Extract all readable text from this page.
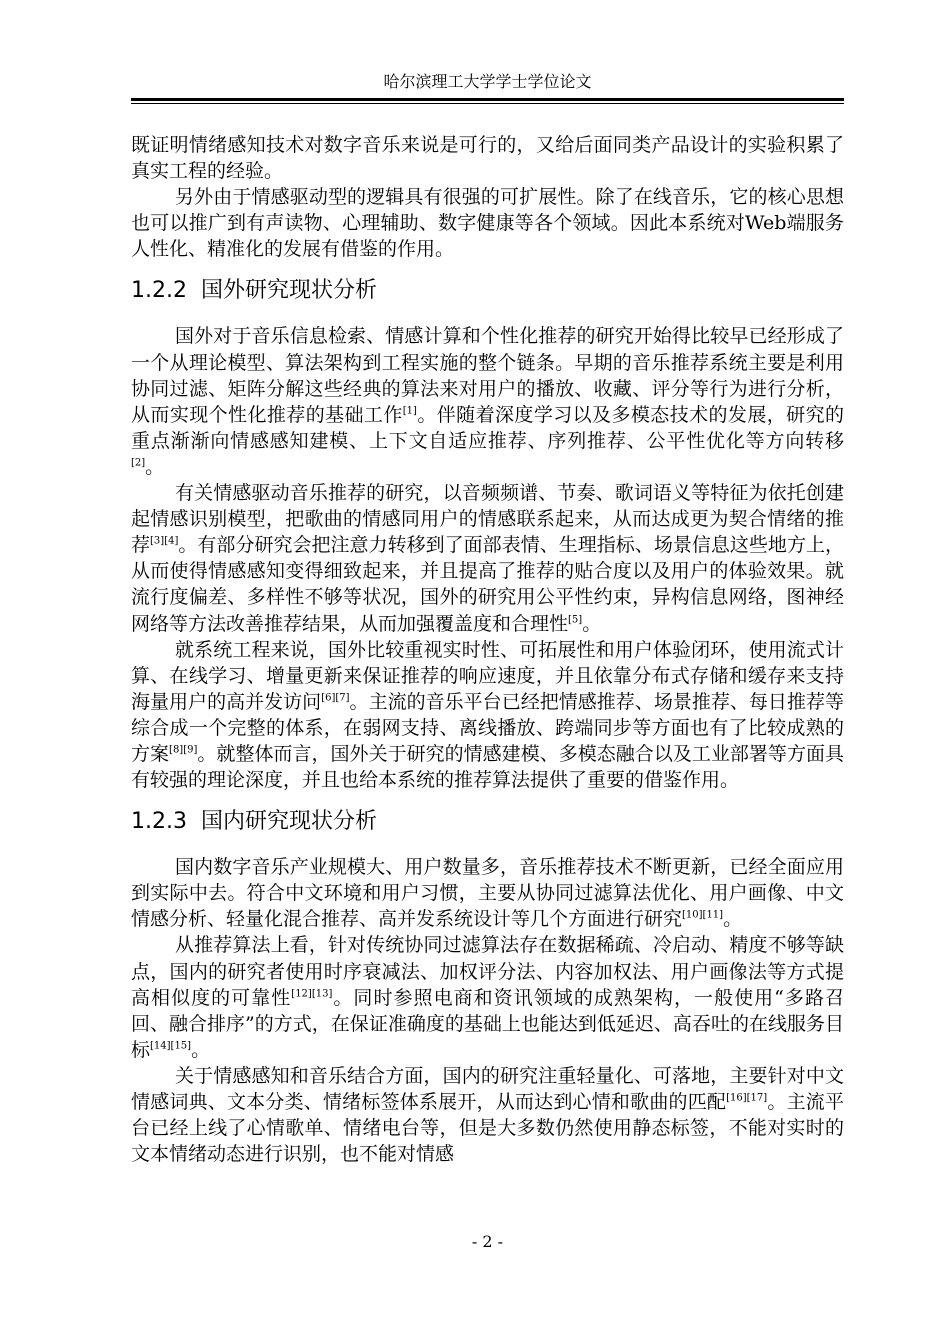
哈尔滨理工大学学士学位论文

既证明情绪感知技术对数字音乐来说是可行的，又给后面同类产品设计的实验积累了真实工程的经验。

另外由于情感驱动型的逻辑具有很强的可扩展性。除了在线音乐，它的核心思想也可以推广到有声读物、心理辅助、数字健康等各个领域。因此本系统对Web端服务人性化、精准化的发展有借鉴的作用。

1.2.2 国外研究现状分析

国外对于音乐信息检索、情感计算和个性化推荐的研究开始得比较早已经形成了一个从理论模型、算法架构到工程实施的整个链条。早期的音乐推荐系统主要是利用协同过滤、矩阵分解这些经典的算法来对用户的播放、收藏、评分等行为进行分析，从而实现个性化推荐的基础工作[1]。伴随着深度学习以及多模态技术的发展，研究的重点渐渐向情感感知建模、上下文自适应推荐、序列推荐、公平性优化等方向转移[2]。

有关情感驱动音乐推荐的研究，以音频频谱、节奏、歌词语义等特征为依托创建起情感识别模型，把歌曲的情感同用户的情感联系起来，从而达成更为契合情绪的推荐[3][4]。有部分研究会把注意力转移到了面部表情、生理指标、场景信息这些地方上，从而使得情感感知变得细致起来，并且提高了推荐的贴合度以及用户的体验效果。就流行度偏差、多样性不够等状况，国外的研究用公平性约束，异构信息网络，图神经网络等方法改善推荐结果，从而加强覆盖度和合理性[5]。

就系统工程来说，国外比较重视实时性、可拓展性和用户体验闭环，使用流式计算、在线学习、增量更新来保证推荐的响应速度，并且依靠分布式存储和缓存来支持海量用户的高并发访问[6][7]。主流的音乐平台已经把情感推荐、场景推荐、每日推荐等综合成一个完整的体系，在弱网支持、离线播放、跨端同步等方面也有了比较成熟的方案[8][9]。就整体而言，国外关于研究的情感建模、多模态融合以及工业部署等方面具有较强的理论深度，并且也给本系统的推荐算法提供了重要的借鉴作用。

1.2.3 国内研究现状分析

国内数字音乐产业规模大、用户数量多，音乐推荐技术不断更新，已经全面应用到实际中去。符合中文环境和用户习惯，主要从协同过滤算法优化、用户画像、中文情感分析、轻量化混合推荐、高并发系统设计等几个方面进行研究[10][11]。

从推荐算法上看，针对传统协同过滤算法存在数据稀疏、冷启动、精度不够等缺点，国内的研究者使用时序衰减法、加权评分法、内容加权法、用户画像法等方式提高相似度的可靠性[12][13]。同时参照电商和资讯领域的成熟架构，一般使用“多路召回、融合排序”的方式，在保证准确度的基础上也能达到低延迟、高吞吐的在线服务目标[14][15]。

关于情感感知和音乐结合方面，国内的研究注重轻量化、可落地，主要针对中文情感词典、文本分类、情绪标签体系展开，从而达到心情和歌曲的匹配[16][17]。主流平台已经上线了心情歌单、情绪电台等，但是大多数仍然使用静态标签，不能对实时的文本情绪动态进行识别，也不能对情感

- 2 -
